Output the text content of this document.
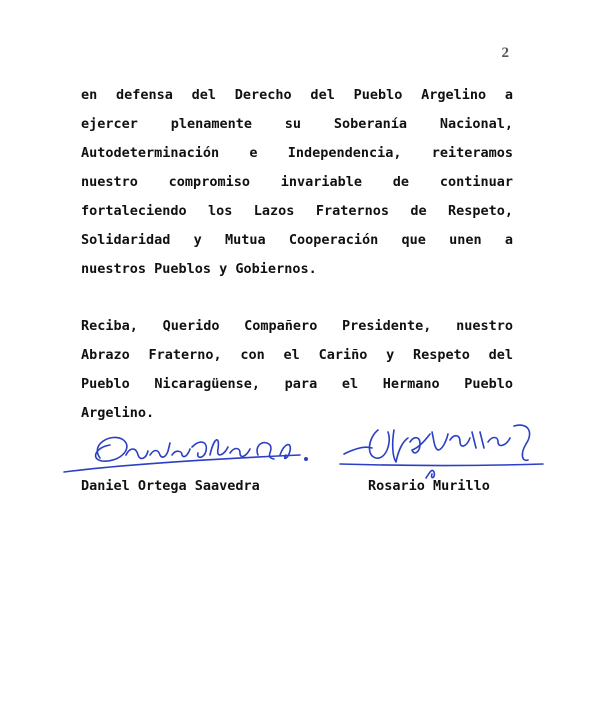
2
en defensa del Derecho del Pueblo Argelino a
ejercer plenamente su Soberanía Nacional,
Autodeterminación e Independencia, reiteramos
nuestro compromiso invariable de continuar
fortaleciendo los Lazos Fraternos de Respeto,
Solidaridad y Mutua Cooperación que unen a
nuestros Pueblos y Gobiernos.
Reciba, Querido Compañero Presidente, nuestro
Abrazo Fraterno, con el Cariño y Respeto del
Pueblo Nicaragüense, para el Hermano Pueblo
Argelino.
Daniel Ortega Saavedra	Rosario Murillo
